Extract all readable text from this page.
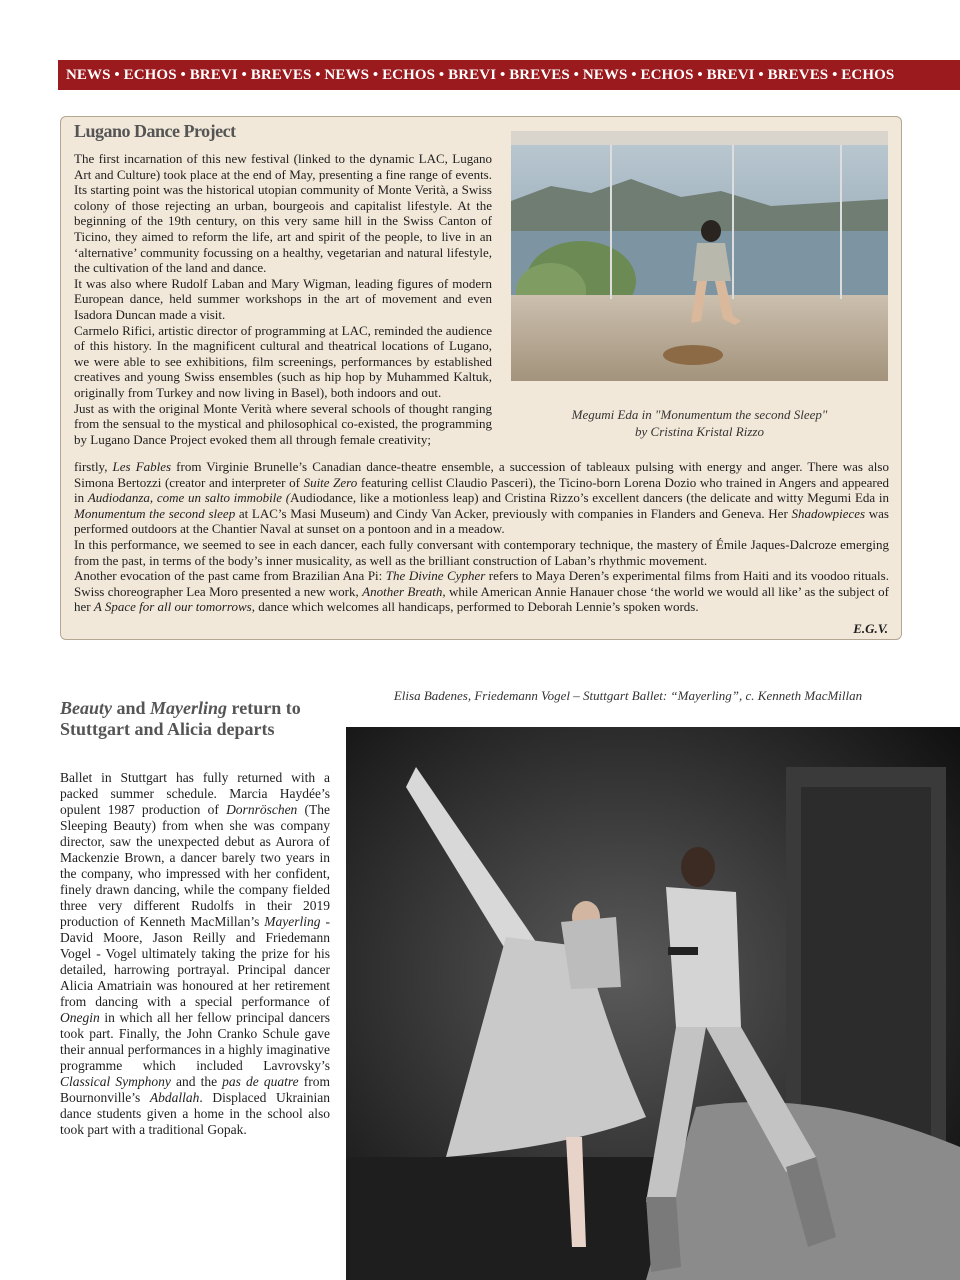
NEWS • ECHOS • BREVI • BREVES • NEWS • ECHOS • BREVI • BREVES • NEWS • ECHOS • BREVI • BREVES • ECHOS
Lugano Dance Project

The first incarnation of this new festival (linked to the dynamic LAC, Lugano Art and Culture) took place at the end of May, presenting a fine range of events. Its starting point was the historical utopian community of Monte Verità, a Swiss colony of those rejecting an urban, bourgeois and capitalist lifestyle. At the beginning of the 19th century, on this very same hill in the Swiss Canton of Ticino, they aimed to reform the life, art and spirit of the people, to live in an ‘alternative’ community focussing on a healthy, vegetarian and natural lifestyle, the cultivation of the land and dance.

It was also where Rudolf Laban and Mary Wigman, leading figures of modern European dance, held summer workshops in the art of movement and even Isadora Duncan made a visit.

Carmelo Rifici, artistic director of programming at LAC, reminded the audience of this history. In the magnificent cultural and theatrical locations of Lugano, we were able to see exhibitions, film screenings, performances by established creatives and young Swiss ensembles (such as hip hop by Muhammed Kaltuk, originally from Turkey and now living in Basel), both indoors and out.

Just as with the original Monte Verità where several schools of thought ranging from the sensual to the mystical and philosophical co-existed, the programming by Lugano Dance Project evoked them all through female creativity;

Megumi Eda in "Monumentum the second Sleep"
by Cristina Kristal Rizzo

firstly, Les Fables from Virginie Brunelle’s Canadian dance-theatre ensemble, a succession of tableaux pulsing with energy and anger. There was also Simona Bertozzi (creator and interpreter of Suite Zero featuring cellist Claudio Pasceri), the Ticino-born Lorena Dozio who trained in Angers and appeared in Audiodanza, come un salto immobile (Audiodance, like a motionless leap) and Cristina Rizzo’s excellent dancers (the delicate and witty Megumi Eda in Monumentum the second sleep at LAC’s Masi Museum) and Cindy Van Acker, previously with companies in Flanders and Geneva. Her Shadowpieces was performed outdoors at the Chantier Naval at sunset on a pontoon and in a meadow.

In this performance, we seemed to see in each dancer, each fully conversant with contemporary technique, the mastery of Émile Jaques-Dalcroze emerging from the past, in terms of the body’s inner musicality, as well as the brilliant construction of Laban’s rhythmic movement.

Another evocation of the past came from Brazilian Ana Pi: The Divine Cypher refers to Maya Deren’s experimental films from Haiti and its voodoo rituals. Swiss choreographer Lea Moro presented a new work, Another Breath, while American Annie Hanauer chose ‘the world we would all like’ as the subject of her A Space for all our tomorrows, dance which welcomes all handicaps, performed to Deborah Lennie’s spoken words.

E.G.V.
Beauty and Mayerling return to Stuttgart and Alicia departs
Ballet in Stuttgart has fully returned with a packed summer schedule. Marcia Haydée’s opulent 1987 production of Dornröschen (The Sleeping Beauty) from when she was company director, saw the unexpected debut as Aurora of Mackenzie Brown, a dancer barely two years in the company, who impressed with her confident, finely drawn dancing, while the company fielded three very different Rudolfs in their 2019 production of Kenneth MacMillan’s Mayerling - David Moore, Jason Reilly and Friedemann Vogel - Vogel ultimately taking the prize for his detailed, harrowing portrayal. Principal dancer Alicia Amatriain was honoured at her retirement from dancing with a special performance of Onegin in which all her fellow principal dancers took part. Finally, the John Cranko Schule gave their annual performances in a highly imaginative programme which included Lavrovsky’s Classical Symphony and the pas de quatre from Bournonville’s Abdallah. Displaced Ukrainian dance students given a home in the school also took part with a traditional Gopak.
Elisa Badenes, Friedemann Vogel – Stuttgart Ballet: “Mayerling”, c. Kenneth MacMillan
